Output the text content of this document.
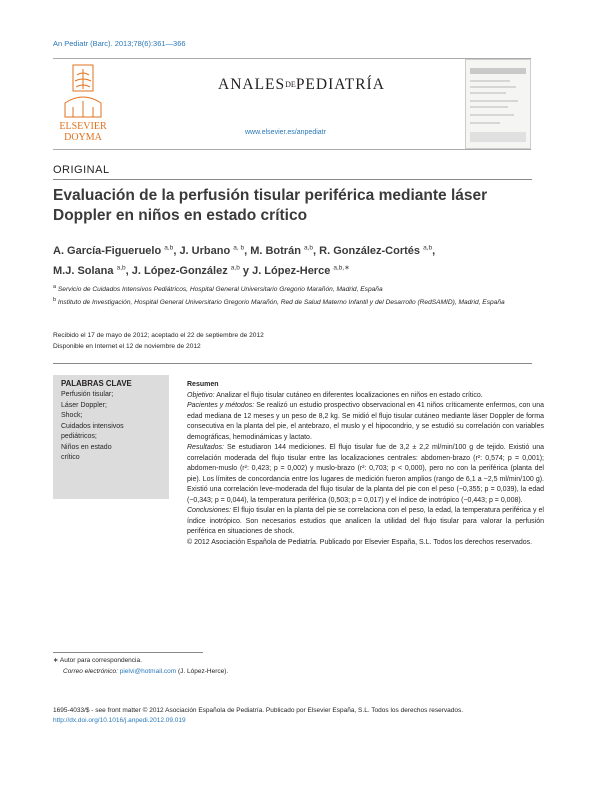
An Pediatr (Barc). 2013;78(6):361—366
ELSEVIER
DOYMA
ANALESDEPEDIATRÍA
www.elsevier.es/anpediatr
ORIGINAL
Evaluación de la perfusión tisular periférica mediante láser Doppler en niños en estado crítico
A. García-Figueruelo $^{a,b}$, J. Urbano $^{a, b}$, M. Botrán $^{a,b}$, R. González-Cortés $^{a,b}$,
M.J. Solana $^{a,b}$, J. López-González $^{a,b}$ y J. López-Herce $^{a,b,∗}$
$^a$ Servicio de Cuidados Intensivos Pediátricos, Hospital General Universitario Gregorio Marañón, Madrid, España
$^b$ Instituto de Investigación, Hospital General Universitario Gregorio Marañón, Red de Salud Materno Infantil y del Desarrollo (RedSAMID), Madrid, España
Recibido el 17 de mayo de 2012; aceptado el 22 de septiembre de 2012
Disponible en Internet el 12 de noviembre de 2012
PALABRAS CLAVE
Perfusión tisular;
Láser Doppler;
Shock;
Cuidados intensivos
pediátricos;
Niños en estado
crítico

Resumen

Objetivo: Analizar el flujo tisular cutáneo en diferentes localizaciones en niños en estado crítico.

Pacientes y métodos: Se realizó un estudio prospectivo observacional en 41 niños críticamente enfermos, con una edad mediana de 12 meses y un peso de 8,2 kg. Se midió el flujo tisular cutáneo mediante láser Doppler de forma consecutiva en la planta del pie, el antebrazo, el muslo y el hipocondrio, y se estudió su correlación con variables demográficas, hemodinámicas y lactato.

Resultados: Se estudiaron 144 mediciones. El flujo tisular fue de 3,2 ± 2,2 ml/min/100 g de tejido. Existió una correlación moderada del flujo tisular entre las localizaciones centrales: abdomen-brazo (r²: 0,574; p = 0,001); abdomen-muslo (r²: 0,423; p = 0,002) y muslo-brazo (r²: 0,703; p < 0,000), pero no con la periférica (planta del pie). Los límites de concordancia entre los lugares de medición fueron amplios (rango de 6,1 a −2,5 ml/min/100 g). Existió una correlación leve-moderada del flujo tisular de la planta del pie con el peso (−0,355; p = 0,039), la edad (−0,343; p = 0,044), la temperatura periférica (0,503; p = 0,017) y el índice de inotrópico (−0,443; p = 0,008).

Conclusiones: El flujo tisular en la planta del pie se correlaciona con el peso, la edad, la temperatura periférica y el índice inotrópico. Son necesarios estudios que analicen la utilidad del flujo tisular para valorar la perfusión periférica en situaciones de shock.

© 2012 Asociación Española de Pediatría. Publicado por Elsevier España, S.L. Todos los derechos reservados.

∗ Autor para correspondencia.
Correo electrónico: pielvi@hotmail.com (J. López-Herce).
1695-4033/$ - see front matter © 2012 Asociación Española de Pediatría. Publicado por Elsevier España, S.L. Todos los derechos reservados.
http://dx.doi.org/10.1016/j.anpedi.2012.09.019
